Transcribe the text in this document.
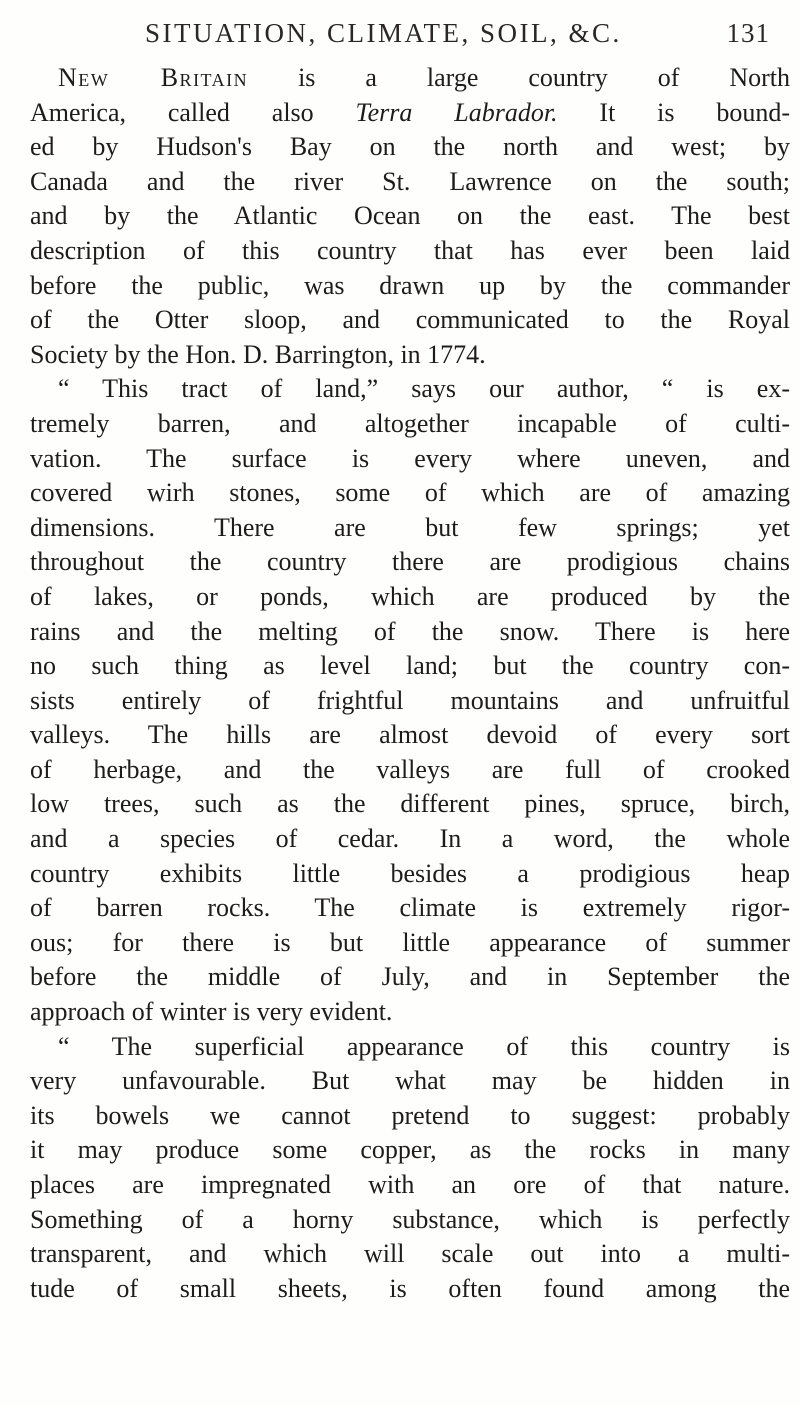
SITUATION, CLIMATE, SOIL, &C.	131
New Britain is a large country of North
America, called also Terra Labrador. It is bound-
ed by Hudson's Bay on the north and west; by
Canada and the river St. Lawrence on the south;
and by the Atlantic Ocean on the east. The best
description of this country that has ever been laid
before the public, was drawn up by the commander
of the Otter sloop, and communicated to the Royal
Society by the Hon. D. Barrington, in 1774.
“ This tract of land,” says our author, “ is ex-
tremely barren, and altogether incapable of culti-
vation. The surface is every where uneven, and
covered wirh stones, some of which are of amazing
dimensions. There are but few springs; yet
throughout the country there are prodigious chains
of lakes, or ponds, which are produced by the
rains and the melting of the snow. There is here
no such thing as level land; but the country con-
sists entirely of frightful mountains and unfruitful
valleys. The hills are almost devoid of every sort
of herbage, and the valleys are full of crooked
low trees, such as the different pines, spruce, birch,
and a species of cedar. In a word, the whole
country exhibits little besides a prodigious heap
of barren rocks. The climate is extremely rigor-
ous; for there is but little appearance of summer
before the middle of July, and in September the
approach of winter is very evident.
“ The superficial appearance of this country is
very unfavourable. But what may be hidden in
its bowels we cannot pretend to suggest: probably
it may produce some copper, as the rocks in many
places are impregnated with an ore of that nature.
Something of a horny substance, which is perfectly
transparent, and which will scale out into a multi-
tude of small sheets, is often found among the
